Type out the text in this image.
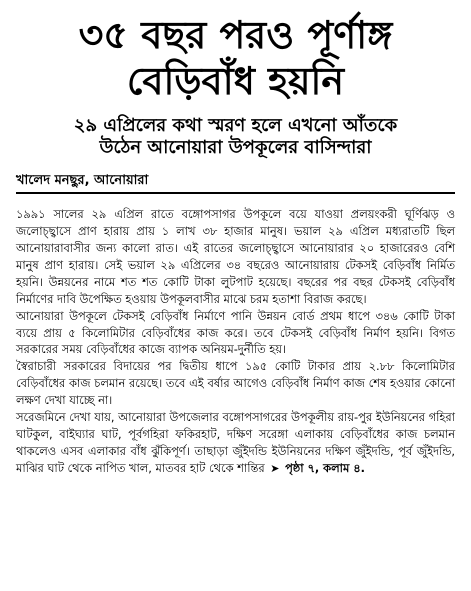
৩৫ বছর পরও পূর্ণাঙ্গ
বেড়িবাঁধ হয়নি
২৯ এপ্রিলের কথা স্মরণ হলে এখনো আঁতকে
উঠেন আনোয়ারা উপকূলের বাসিন্দারা
খালেদ মনছুর, আনোয়ারা

১৯৯১ সালের ২৯ এপ্রিল রাতে বঙ্গোপসাগর উপকূলে বয়ে যাওয়া প্রলয়ংকরী ঘূর্ণিঝড় ও জলোচ্ছ্বাসে প্রাণ হারায় প্রায় ১ লাখ ৩৮ হাজার মানুষ। ভয়াল ২৯ এপ্রিল মধ্যরাতটি ছিল আনোয়ারাবাসীর জন্য কালো রাত। এই রাতের জলোচ্ছ্বাসে আনোয়ারার ২০ হাজারেরও বেশি মানুষ প্রাণ হারায়। সেই ভয়াল ২৯ এপ্রিলের ৩৪ বছরেও আনোয়ারায় টেকসই বেড়িবাঁধ নির্মিত হয়নি। উন্নয়নের নামে শত শত কোটি টাকা লুটপাট হয়েছে। বছরের পর বছর টেকসই বেড়িবাঁধ নির্মাণের দাবি উপেক্ষিত হওয়ায় উপকূলবাসীর মাঝে চরম হতাশা বিরাজ করছে।

আনোয়ারা উপকূলে টেকসই বেড়িবাঁধ নির্মাণে পানি উন্নয়ন বোর্ড প্রথম ধাপে ৩৪৬ কোটি টাকা ব্যয়ে প্রায় ৫ কিলোমিটার বেড়িবাঁধের কাজ করে। তবে টেকসই বেড়িবাঁধ নির্মাণ হয়নি। বিগত সরকারের সময় বেড়িবাঁধের কাজে ব্যাপক অনিয়ম-দুর্নীতি হয়।

স্বৈরাচারী সরকারের বিদায়ের পর দ্বিতীয় ধাপে ১৯৫ কোটি টাকার প্রায় ২.৮৮ কিলোমিটার বেড়িবাঁধের কাজ চলমান রয়েছে। তবে এই বর্ষার আগেও বেড়িবাঁধ নির্মাণ কাজ শেষ হওয়ার কোনো লক্ষণ দেখা যাচ্ছে না।

সরেজমিনে দেখা যায়, আনোয়ারা উপজেলার বঙ্গোপসাগরের উপকূলীয় রায়-পুর ইউনিয়নের গহিরা ঘাটকুল, বাইঘ্যার ঘাট, পূর্বগহিরা ফকিরহাট, দক্ষিণ সরেঙ্গা এলাকায় বেড়িবাঁধের কাজ চলমান থাকলেও এসব এলাকার বাঁধ ঝুঁকিপূর্ণ। তাছাড়া জুঁইদন্ডি ইউনিয়নের দক্ষিণ জুঁইদন্ডি, পূর্ব জুঁইদন্ডি, মাঝির ঘাট থেকে নাপিত খাল, মাতবর হাট থেকে শান্তির ➤ পৃষ্ঠা ৭, কলাম ৪.
